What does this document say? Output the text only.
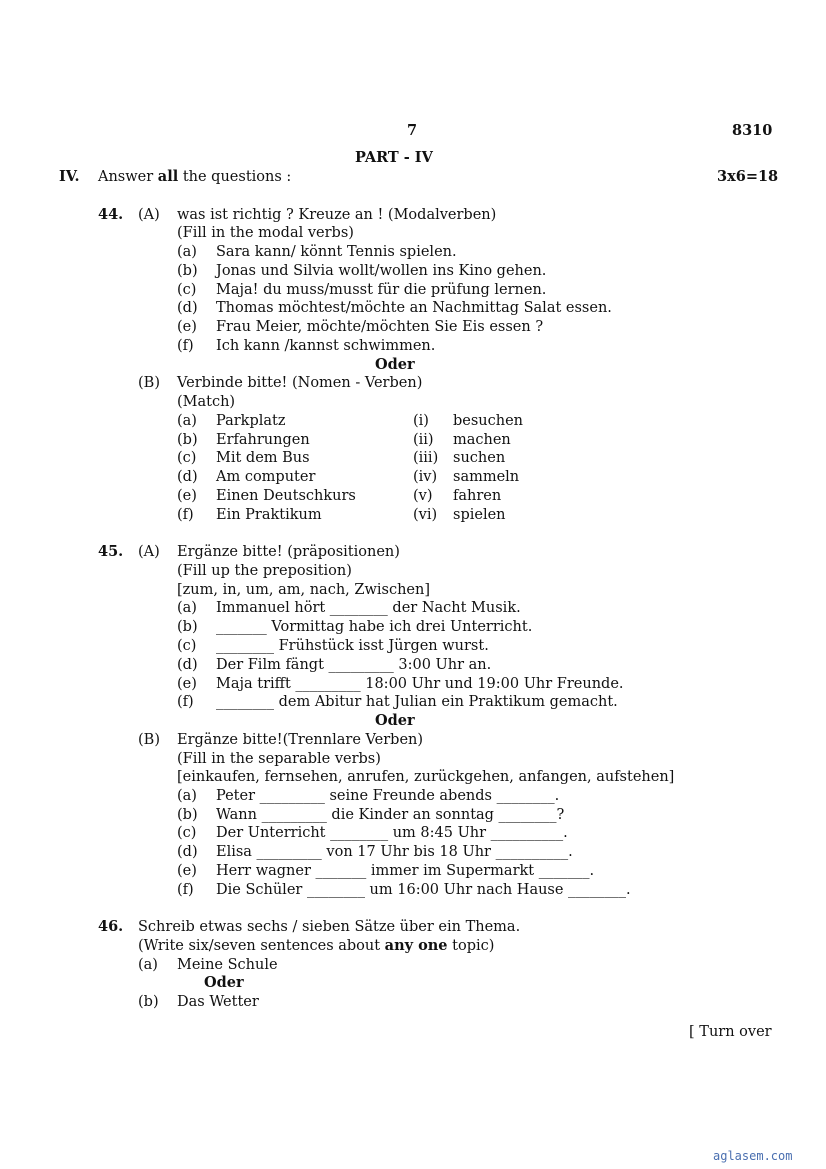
7	8310
PART - IV
IV. Answer all the questions :	3x6=18
44. (A) was ist richtig ? Kreuze an ! (Modalverben)
(Fill in the modal verbs)
(a) Sara kann/ könnt Tennis spielen.
(b) Jonas und Silvia wollt/wollen ins Kino gehen.
(c) Maja! du muss/musst für die prüfung lernen.
(d) Thomas möchtest/möchte an Nachmittag Salat essen.
(e) Frau Meier, möchte/möchten Sie Eis essen ?
(f) Ich kann /kannst schwimmen.
Oder
(B) Verbinde bitte! (Nomen - Verben)
(Match)
(a) Parkplatz	(i) besuchen
(b) Erfahrungen	(ii) machen
(c) Mit dem Bus	(iii) suchen
(d) Am computer	(iv) sammeln
(e) Einen Deutschkurs	(v) fahren
(f) Ein Praktikum	(vi) spielen
45. (A) Ergänze bitte! (präpositionen)
(Fill up the preposition)
[zum, in, um, am, nach, Zwischen]
(a) Immanuel hört ________ der Nacht Musik.
(b) _______ Vormittag habe ich drei Unterricht.
(c) ________ Frühstück isst Jürgen wurst.
(d) Der Film fängt _________ 3:00 Uhr an.
(e) Maja trifft _________ 18:00 Uhr und 19:00 Uhr Freunde.
(f) ________ dem Abitur hat Julian ein Praktikum gemacht.
Oder
(B) Ergänze bitte!(Trennlare Verben)
(Fill in the separable verbs)
[einkaufen, fernsehen, anrufen, zurückgehen, anfangen, aufstehen]
(a) Peter _________ seine Freunde abends ________.
(b) Wann _________ die Kinder an sonntag ________?
(c) Der Unterricht ________ um 8:45 Uhr __________.
(d) Elisa _________ von 17 Uhr bis 18 Uhr __________.
(e) Herr wagner _______ immer im Supermarkt _______.
(f) Die Schüler ________ um 16:00 Uhr nach Hause ________.
46. Schreib etwas sechs / sieben Sätze über ein Thema.
(Write six/seven sentences about any one topic)
(a) Meine Schule
Oder
(b) Das Wetter
[ Turn over
aglasem.com
